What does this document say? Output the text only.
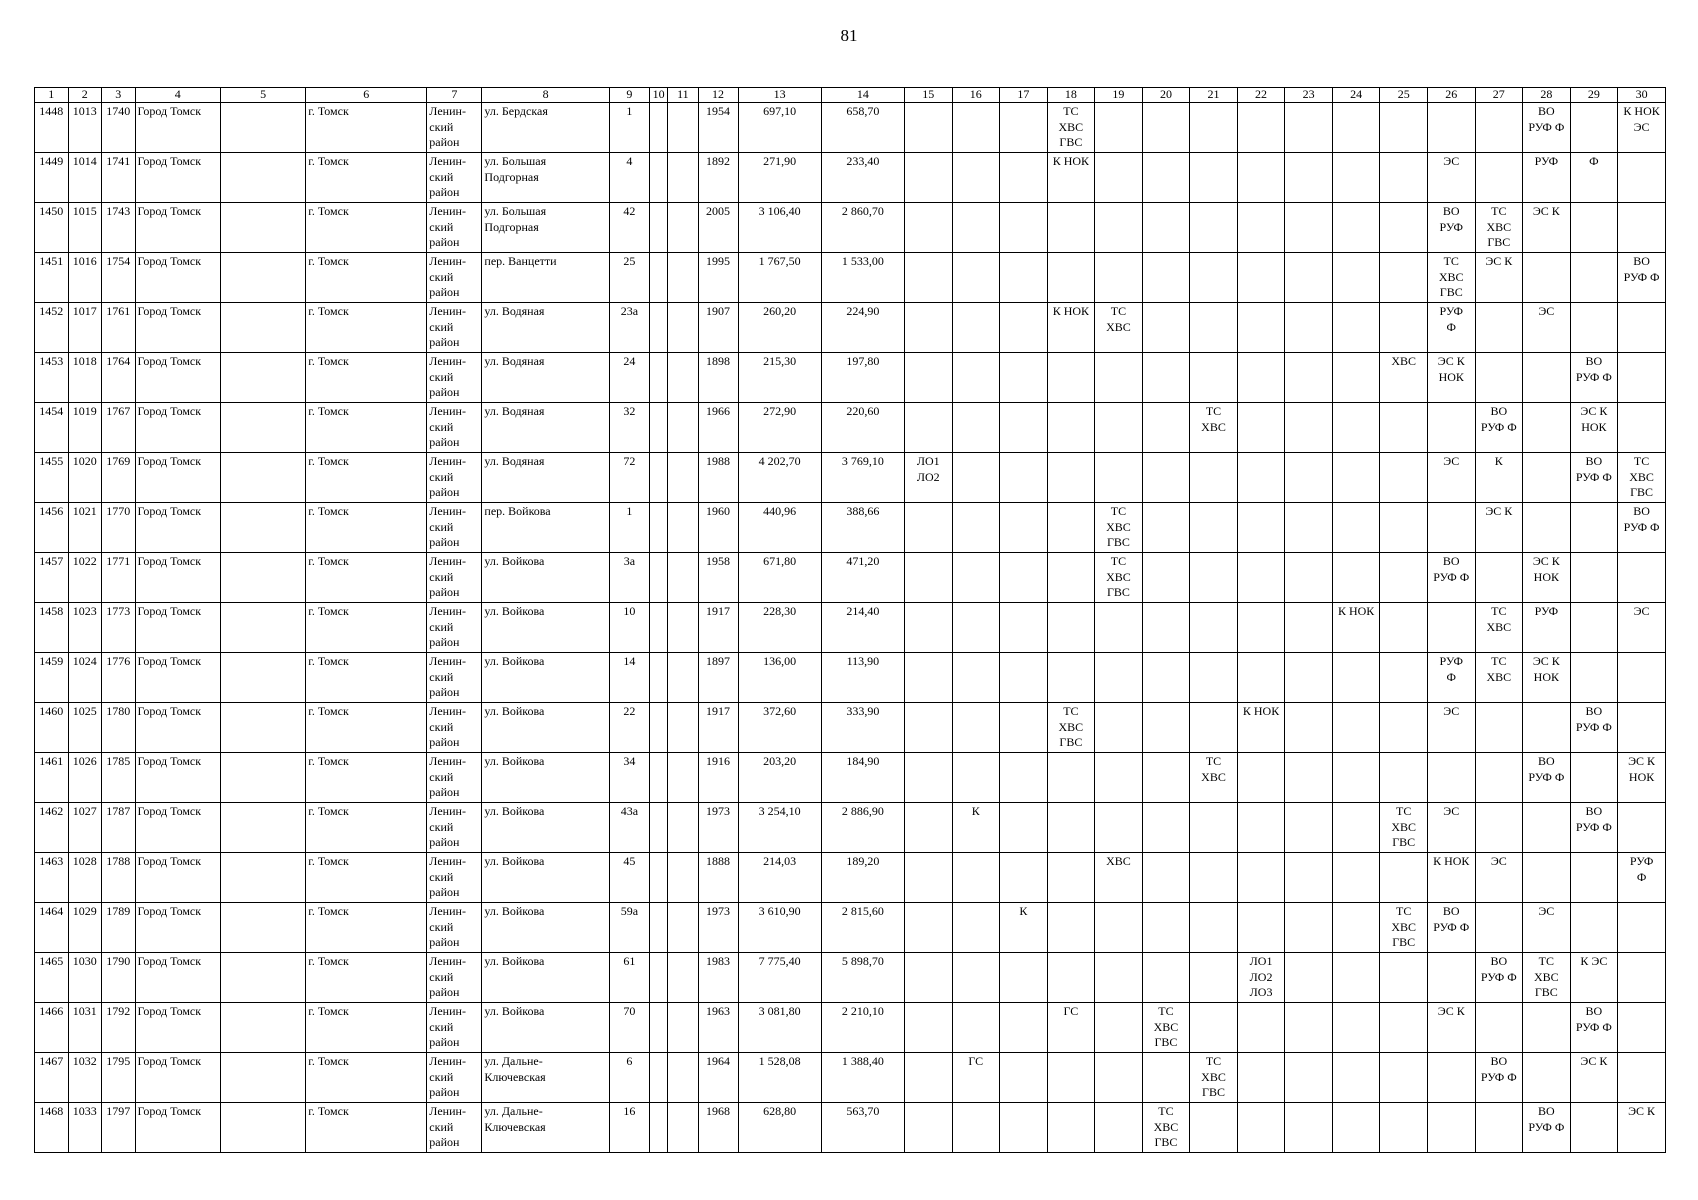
81
1	2	3	4	5	6	7	8	9	10	11	12	13	14	15	16	17	18	19	20	21	22	23	24	25	26	27	28	29	30
1448	1013	1740	Город Томск		г. Томск	Ленин-
ский
район	ул. Бердская	1			1954	697,10	658,70				ТС
ХВС
ГВС										ВО
РУФ Ф		К НОК
ЭС
1449	1014	1741	Город Томск		г. Томск	Ленин-
ский
район	ул. Большая
Подгорная	4			1892	271,90	233,40				К НОК								ЭС		РУФ	Ф	
1450	1015	1743	Город Томск		г. Томск	Ленин-
ский
район	ул. Большая
Подгорная	42			2005	3 106,40	2 860,70												ВО
РУФ	ТС
ХВС
ГВС	ЭС К		
1451	1016	1754	Город Томск		г. Томск	Ленин-
ский
район	пер. Ванцетти	25			1995	1 767,50	1 533,00												ТС
ХВС
ГВС	ЭС К			ВО
РУФ Ф
1452	1017	1761	Город Томск		г. Томск	Ленин-
ский
район	ул. Водяная	23а			1907	260,20	224,90				К НОК	ТС
ХВС							РУФ
Ф		ЭС		
1453	1018	1764	Город Томск		г. Томск	Ленин-
ский
район	ул. Водяная	24			1898	215,30	197,80											ХВС	ЭС К
НОК			ВО
РУФ Ф	
1454	1019	1767	Город Томск		г. Томск	Ленин-
ский
район	ул. Водяная	32			1966	272,90	220,60							ТС
ХВС						ВО
РУФ Ф		ЭС К
НОК	
1455	1020	1769	Город Томск		г. Томск	Ленин-
ский
район	ул. Водяная	72			1988	4 202,70	3 769,10	ЛО1
ЛО2											ЭС	К		ВО
РУФ Ф	ТС
ХВС
ГВС
1456	1021	1770	Город Томск		г. Томск	Ленин-
ский
район	пер. Войкова	1			1960	440,96	388,66					ТС
ХВС
ГВС								ЭС К			ВО
РУФ Ф
1457	1022	1771	Город Томск		г. Томск	Ленин-
ский
район	ул. Войкова	3а			1958	671,80	471,20					ТС
ХВС
ГВС							ВО
РУФ Ф		ЭС К
НОК		
1458	1023	1773	Город Томск		г. Томск	Ленин-
ский
район	ул. Войкова	10			1917	228,30	214,40										К НОК			ТС
ХВС	РУФ		ЭС
1459	1024	1776	Город Томск		г. Томск	Ленин-
ский
район	ул. Войкова	14			1897	136,00	113,90												РУФ
Ф	ТС
ХВС	ЭС К
НОК		
1460	1025	1780	Город Томск		г. Томск	Ленин-
ский
район	ул. Войкова	22			1917	372,60	333,90				ТС
ХВС
ГВС				К НОК				ЭС			ВО
РУФ Ф	
1461	1026	1785	Город Томск		г. Томск	Ленин-
ский
район	ул. Войкова	34			1916	203,20	184,90							ТС
ХВС							ВО
РУФ Ф		ЭС К
НОК
1462	1027	1787	Город Томск		г. Томск	Ленин-
ский
район	ул. Войкова	43а			1973	3 254,10	2 886,90		К									ТС
ХВС
ГВС	ЭС			ВО
РУФ Ф	
1463	1028	1788	Город Томск		г. Томск	Ленин-
ский
район	ул. Войкова	45			1888	214,03	189,20					ХВС							К НОК	ЭС			РУФ
Ф
1464	1029	1789	Город Томск		г. Томск	Ленин-
ский
район	ул. Войкова	59а			1973	3 610,90	2 815,60			К								ТС
ХВС
ГВС	ВО
РУФ Ф		ЭС		
1465	1030	1790	Город Томск		г. Томск	Ленин-
ский
район	ул. Войкова	61			1983	7 775,40	5 898,70								ЛО1
ЛО2
ЛО3					ВО
РУФ Ф	ТС
ХВС
ГВС	К ЭС	
1466	1031	1792	Город Томск		г. Томск	Ленин-
ский
район	ул. Войкова	70			1963	3 081,80	2 210,10				ГС		ТС
ХВС
ГВС						ЭС К			ВО
РУФ Ф	
1467	1032	1795	Город Томск		г. Томск	Ленин-
ский
район	ул. Дальне-
Ключевская	6			1964	1 528,08	1 388,40		ГС					ТС
ХВС
ГВС						ВО
РУФ Ф		ЭС К	
1468	1033	1797	Город Томск		г. Томск	Ленин-
ский
район	ул. Дальне-
Ключевская	16			1968	628,80	563,70						ТС
ХВС
ГВС								ВО
РУФ Ф		ЭС К
